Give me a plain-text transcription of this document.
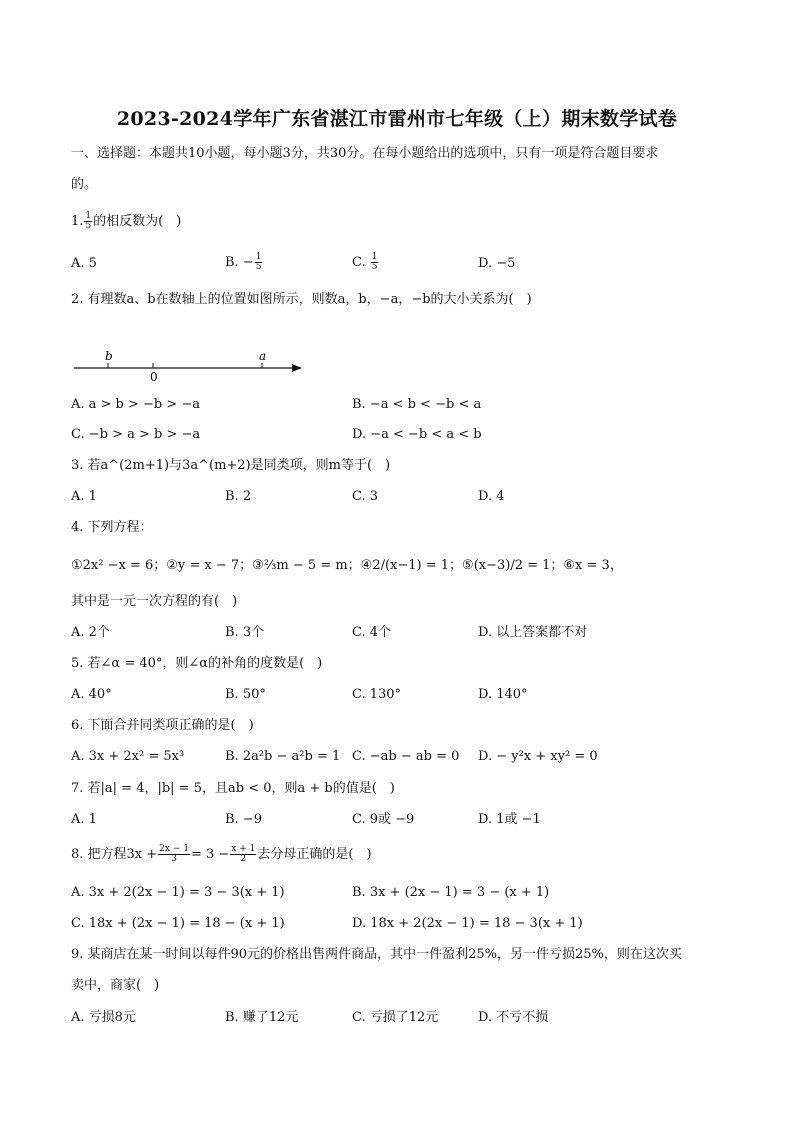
2023-2024学年广东省湛江市雷州市七年级（上）期末数学试卷
一、选择题：本题共10小题，每小题3分，共30分。在每小题给出的选项中，只有一项是符合题目要求
的。
1. $\frac{1}{5}$ 的相反数为(　)
A. 5	B. − $\frac{1}{5}$	C. $\frac{1}{5}$	D. −5
2. 有理数a、b在数轴上的位置如图所示，则数a，b，−a，−b的大小关系为(　)
b
0
a
A. a > b > −b > −a	B. −a < b < −b < a
C. −b > a > b > −a	D. −a < −b < a < b
3. 若a^(2m+1)与3a^(m+2)是同类项，则m等于(　)
A. 1	B. 2	C. 3	D. 4
4. 下列方程：
①2x² −x = 6；②y = x − 7；③⅔m − 5 = m；④2/(x−1) = 1；⑤(x−3)/2 = 1；⑥x = 3，
其中是一元一次方程的有(　)
A. 2个	B. 3个	C. 4个	D. 以上答案都不对
5. 若∠α = 40°，则∠α的补角的度数是(　)
A. 40°	B. 50°	C. 130°	D. 140°
6. 下面合并同类项正确的是(　)
A. 3x + 2x² = 5x³	B. 2a²b − a²b = 1 C. −ab − ab = 0 D. − y²x + xy² = 0
7. 若|a| = 4，|b| = 5，且ab < 0，则a + b的值是(　)
A. 1	B. −9	C. 9或 −9	D. 1或 −1
8. 把方程$3x + \frac{2x - 1}{3} = 3 - \frac{x + 1}{2}$ 去分母正确的是(　)
A. 3x + 2(2x − 1) = 3 − 3(x + 1)	B. 3x + (2x − 1) = 3 − (x + 1)
C. 18x + (2x − 1) = 18 − (x + 1)	D. 18x + 2(2x − 1) = 18 − 3(x + 1)
9. 某商店在某一时间以每件90元的价格出售两件商品，其中一件盈利25%，另一件亏损25%，则在这次买
卖中，商家(　)
A. 亏损8元	B. 赚了12元	C. 亏损了12元	D. 不亏不损
